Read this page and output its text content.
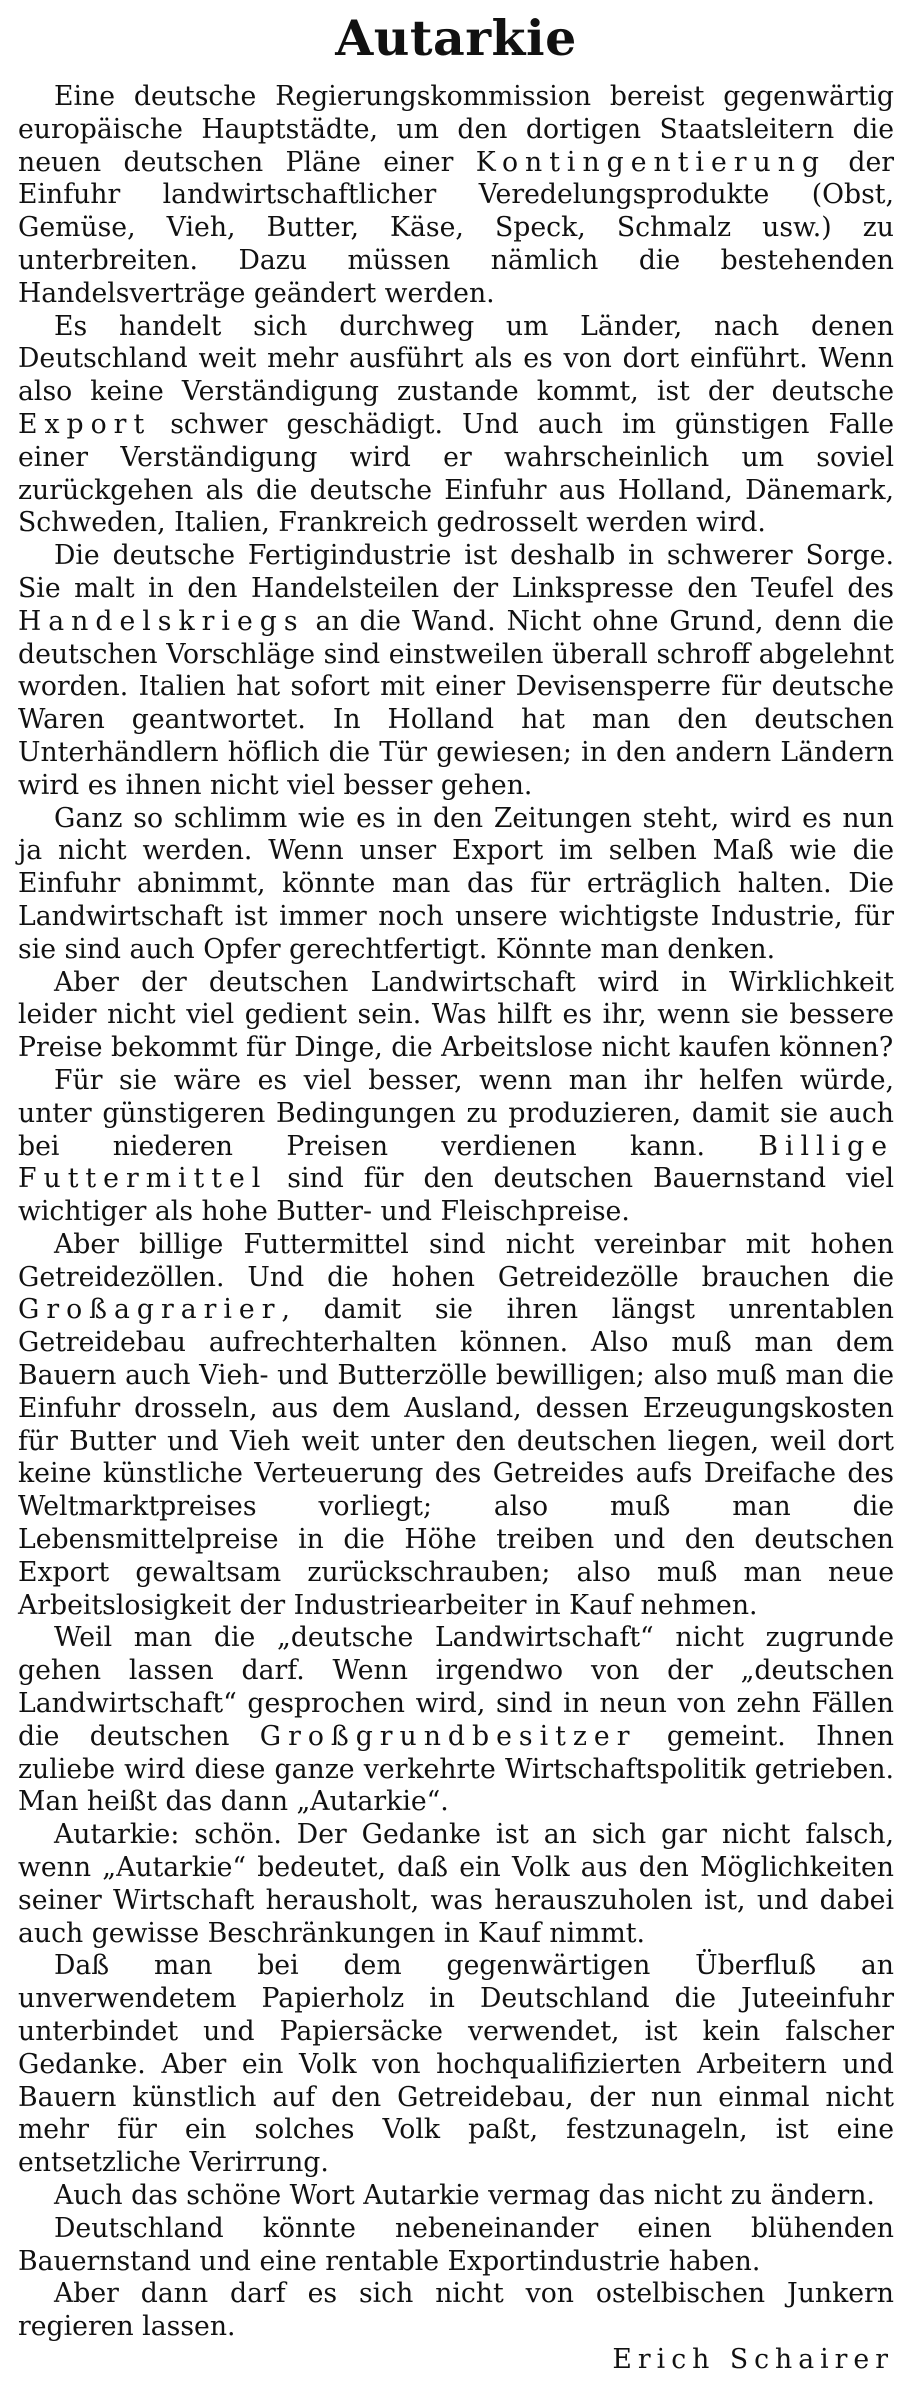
Autarkie

Eine deutsche Regierungskommission bereist gegenwärtig europäische Hauptstädte, um den dortigen Staatsleitern die neuen deutschen Pläne einer Kontingentierung der Einfuhr landwirtschaftlicher Veredelungsprodukte (Obst, Gemüse, Vieh, Butter, Käse, Speck, Schmalz usw.) zu unterbreiten. Dazu müssen nämlich die bestehenden Handelsverträge geändert werden.

Es handelt sich durchweg um Länder, nach denen Deutschland weit mehr ausführt als es von dort einführt. Wenn also keine Verständigung zustande kommt, ist der deutsche Export schwer geschädigt. Und auch im günstigen Falle einer Verständigung wird er wahrscheinlich um soviel zurückgehen als die deutsche Einfuhr aus Holland, Dänemark, Schweden, Italien, Frankreich gedrosselt werden wird.

Die deutsche Fertigindustrie ist deshalb in schwerer Sorge. Sie malt in den Handelsteilen der Linkspresse den Teufel des Handelskriegs an die Wand. Nicht ohne Grund, denn die deutschen Vorschläge sind einstweilen überall schroff abgelehnt worden. Italien hat sofort mit einer Devisensperre für deutsche Waren geantwortet. In Holland hat man den deutschen Unterhändlern höflich die Tür gewiesen; in den andern Ländern wird es ihnen nicht viel besser gehen.

Ganz so schlimm wie es in den Zeitungen steht, wird es nun ja nicht werden. Wenn unser Export im selben Maß wie die Einfuhr abnimmt, könnte man das für erträglich halten. Die Landwirtschaft ist immer noch unsere wichtigste Industrie, für sie sind auch Opfer gerechtfertigt. Könnte man denken.

Aber der deutschen Landwirtschaft wird in Wirklichkeit leider nicht viel gedient sein. Was hilft es ihr, wenn sie bessere Preise bekommt für Dinge, die Arbeitslose nicht kaufen können?

Für sie wäre es viel besser, wenn man ihr helfen würde, unter günstigeren Bedingungen zu produzieren, damit sie auch bei niederen Preisen verdienen kann. Billige Futtermittel sind für den deutschen Bauernstand viel wichtiger als hohe Butter- und Fleischpreise.

Aber billige Futtermittel sind nicht vereinbar mit hohen Getreidezöllen. Und die hohen Getreidezölle brauchen die Großagrarier, damit sie ihren längst unrentablen Getreidebau aufrechterhalten können. Also muß man dem Bauern auch Vieh- und Butterzölle bewilligen; also muß man die Einfuhr drosseln, aus dem Ausland, dessen Erzeugungskosten für Butter und Vieh weit unter den deutschen liegen, weil dort keine künstliche Verteuerung des Getreides aufs Dreifache des Weltmarktpreises vorliegt; also muß man die Lebensmittelpreise in die Höhe treiben und den deutschen Export gewaltsam zurückschrauben; also muß man neue Arbeitslosigkeit der Industriearbeiter in Kauf nehmen.

Weil man die „deutsche Landwirtschaft“ nicht zugrunde gehen lassen darf. Wenn irgendwo von der „deutschen Landwirtschaft“ gesprochen wird, sind in neun von zehn Fällen die deutschen Großgrundbesitzer gemeint. Ihnen zuliebe wird diese ganze verkehrte Wirtschaftspolitik getrieben. Man heißt das dann „Autarkie“.

Autarkie: schön. Der Gedanke ist an sich gar nicht falsch, wenn „Autarkie“ bedeutet, daß ein Volk aus den Möglichkeiten seiner Wirtschaft herausholt, was herauszuholen ist, und dabei auch gewisse Beschränkungen in Kauf nimmt.

Daß man bei dem gegenwärtigen Überfluß an unverwendetem Papierholz in Deutschland die Juteeinfuhr unterbindet und Papiersäcke verwendet, ist kein falscher Gedanke. Aber ein Volk von hochqualifizierten Arbeitern und Bauern künstlich auf den Getreidebau, der nun einmal nicht mehr für ein solches Volk paßt, festzunageln, ist eine entsetzliche Verirrung.

Auch das schöne Wort Autarkie vermag das nicht zu ändern.

Deutschland könnte nebeneinander einen blühenden Bauernstand und eine rentable Exportindustrie haben.

Aber dann darf es sich nicht von ostelbischen Junkern regieren lassen.

Erich Schairer
